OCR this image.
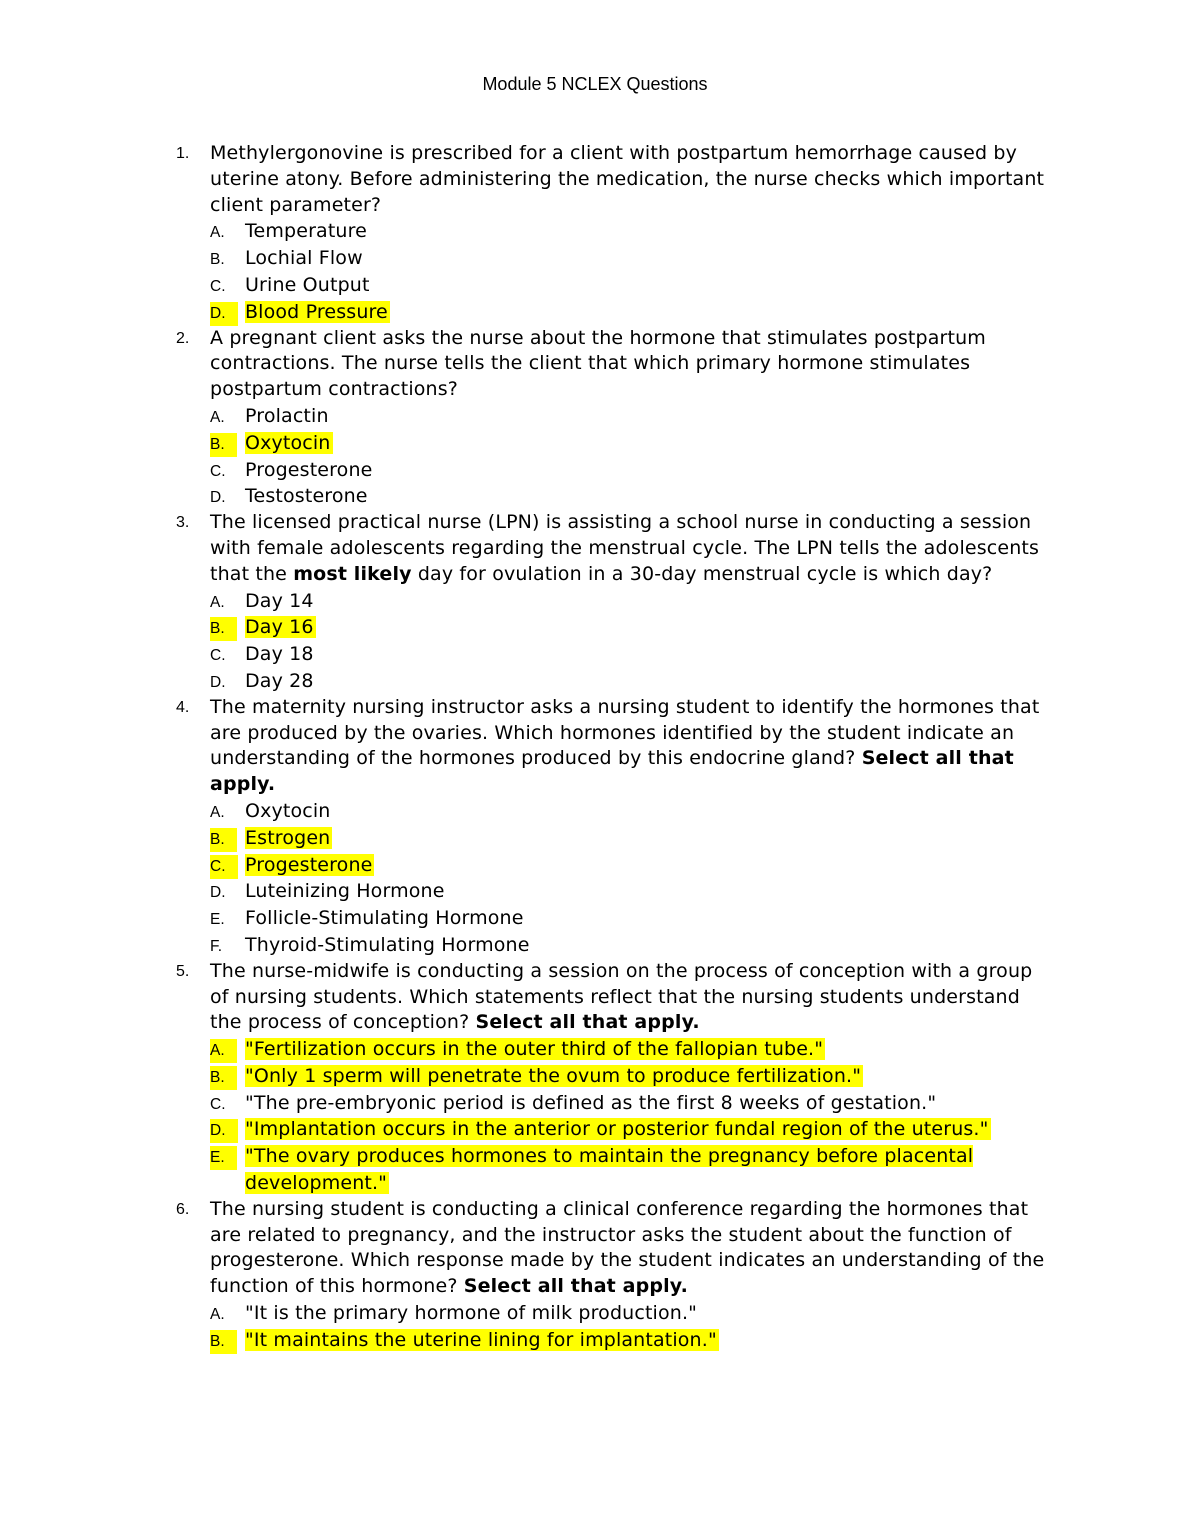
Module 5 NCLEX Questions
1. Methylergonovine is prescribed for a client with postpartum hemorrhage caused by uterine atony. Before administering the medication, the nurse checks which important client parameter?
A. Temperature
B. Lochial Flow
C. Urine Output
D.	Blood Pressure
2. A pregnant client asks the nurse about the hormone that stimulates postpartum contractions. The nurse tells the client that which primary hormone stimulates postpartum contractions?
A. Prolactin
B.	Oxytocin
C. Progesterone
D. Testosterone
3. The licensed practical nurse (LPN) is assisting a school nurse in conducting a session with female adolescents regarding the menstrual cycle. The LPN tells the adolescents that the most likely day for ovulation in a 30-day menstrual cycle is which day?
A. Day 14
B.	Day 16
C. Day 18
D. Day 28
4. The maternity nursing instructor asks a nursing student to identify the hormones that are produced by the ovaries. Which hormones identified by the student indicate an understanding of the hormones produced by this endocrine gland? Select all that apply.
A. Oxytocin
B.	Estrogen
C.	Progesterone
D. Luteinizing Hormone
E. Follicle-Stimulating Hormone
F. Thyroid-Stimulating Hormone
5. The nurse-midwife is conducting a session on the process of conception with a group of nursing students. Which statements reflect that the nursing students understand the process of conception? Select all that apply.
A.	"Fertilization occurs in the outer third of the fallopian tube."
B.	"Only 1 sperm will penetrate the ovum to produce fertilization."
C. "The pre-embryonic period is defined as the first 8 weeks of gestation."
D.	"Implantation occurs in the anterior or posterior fundal region of the uterus."
E.	"The ovary produces hormones to maintain the pregnancy before placental development."
6. The nursing student is conducting a clinical conference regarding the hormones that are related to pregnancy, and the instructor asks the student about the function of progesterone. Which response made by the student indicates an understanding of the function of this hormone? Select all that apply.
A. "It is the primary hormone of milk production."
B.	"It maintains the uterine lining for implantation."
